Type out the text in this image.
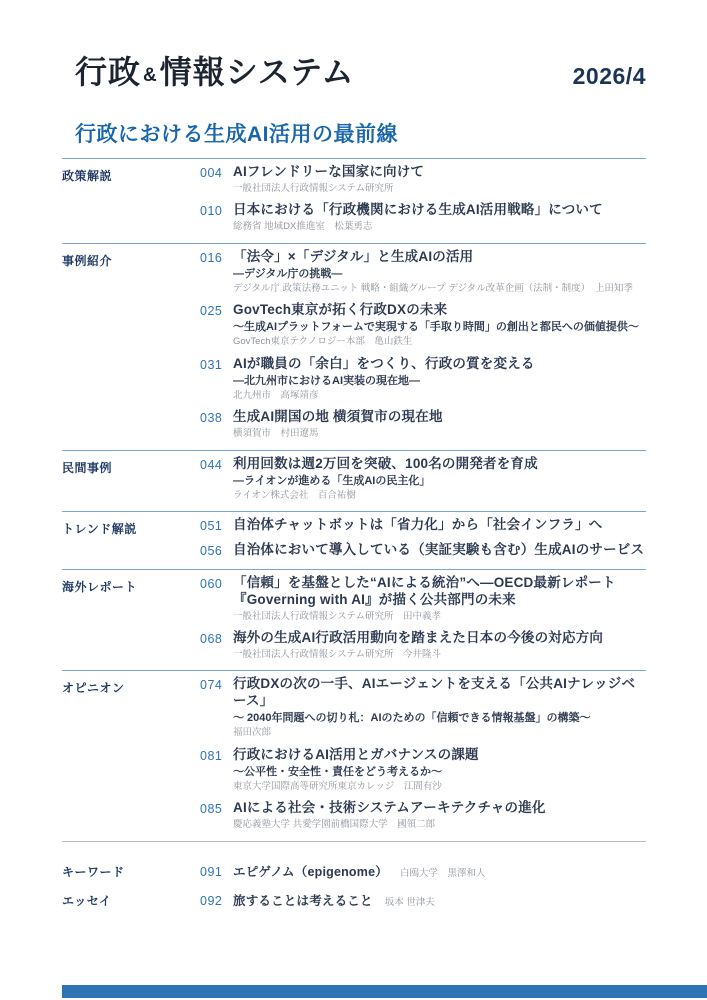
行政 &情報システム	2026/4
行政における生成AI活用の最前線
政策解説	004 AIフレンドリーな国家に向けて
一般社団法人行政情報システム研究所
010 日本における「行政機関における生成AI活用戦略」について
総務省 地域DX推進室　松葉勇志
事例紹介	016 「法令」×「デジタル」と生成AIの活用
—デジタル庁の挑戦—
デジタル庁 政策法務ユニット 戦略・組織グループ デジタル改革企画（法制・制度）　上田知季
025 GovTech東京が拓く行政DXの未来
～生成AIプラットフォームで実現する「手取り時間」の創出と都民への価値提供～
GovTech東京テクノロジー本部　亀山鉄生
031 AIが職員の「余白」をつくり、行政の質を変える
—北九州市におけるAI実装の現在地—
北九州市　高塚靖彦
038 生成AI開国の地 横須賀市の現在地
横須賀市　村田遼馬
民間事例	044 利用回数は週2万回を突破、100名の開発者を育成
—ライオンが進める「生成AIの民主化」
ライオン株式会社　百合祐樹
トレンド解説	051 自治体チャットボットは「省力化」から「社会インフラ」へ
056 自治体において導入している（実証実験も含む）生成AIのサービス
海外レポート	060 「信頼」を基盤とした“AIによる統治”へ—OECD最新レポート『Governing with AI』が描く公共部門の未来
一般社団法人行政情報システム研究所　田中義孝
068 海外の生成AI行政活用動向を踏まえた日本の今後の対応方向
一般社団法人行政情報システム研究所　今井隆斗
オピニオン	074 行政DXの次の一手、AIエージェントを支える「公共AIナレッジベース」
～ 2040年問題への切り札：AIのための「信頼できる情報基盤」の構築～
福田次郎
081 行政におけるAI活用とガバナンスの課題
～公平性・安全性・責任をどう考えるか～
東京大学国際高等研究所東京カレッジ　江間有沙
085 AIによる社会・技術システムアーキテクチャの進化
慶応義塾大学 共愛学園前橋国際大学　國領二郎
キーワード	091 エピゲノム（epigenome） 白鴎大学　黒澤和人
エッセイ	092 旅することは考えること 坂本 世津夫
